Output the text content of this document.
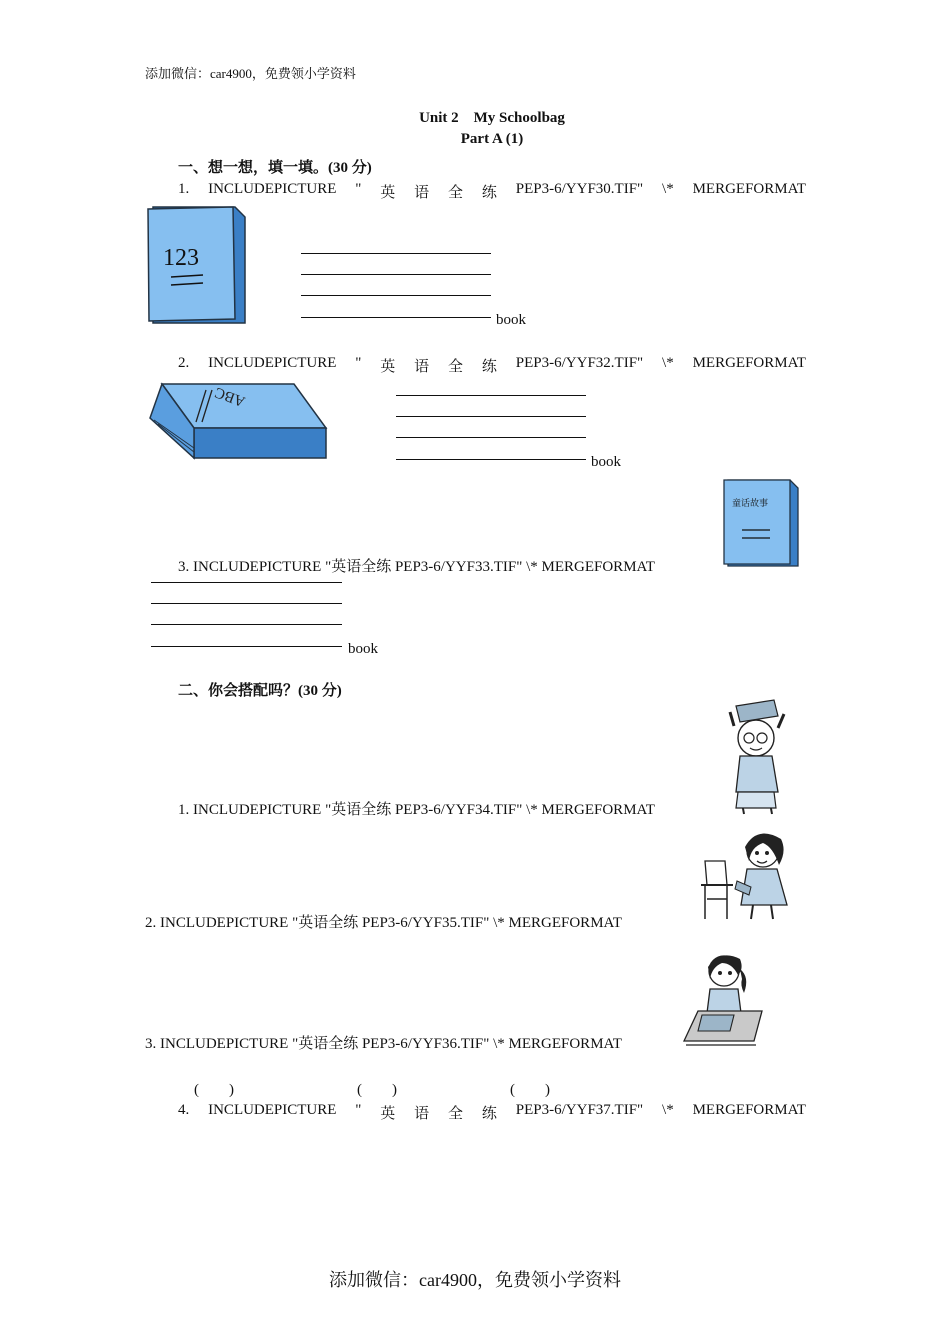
添加微信：car4900，免费领小学资料
Unit 2　My Schoolbag
Part A (1)
一、想一想，填一填。(30 分)
1. INCLUDEPICTURE " 英 语 全 练 PEP3-6/YYF30.TIF" \* MERGEFORMAT
123
book
2. INCLUDEPICTURE " 英 语 全 练 PEP3-6/YYF32.TIF" \* MERGEFORMAT
ABC
book
童话故事
3. INCLUDEPICTURE "英语全练 PEP3-6/YYF33.TIF" \* MERGEFORMAT
book
二、你会搭配吗？(30 分)
1. INCLUDEPICTURE "英语全练 PEP3-6/YYF34.TIF" \* MERGEFORMAT
2. INCLUDEPICTURE "英语全练 PEP3-6/YYF35.TIF" \* MERGEFORMAT
3. INCLUDEPICTURE "英语全练 PEP3-6/YYF36.TIF" \* MERGEFORMAT
(　　)	(　　)	(　　)
4. INCLUDEPICTURE " 英 语 全 练 PEP3-6/YYF37.TIF" \* MERGEFORMAT
添加微信：car4900，免费领小学资料
